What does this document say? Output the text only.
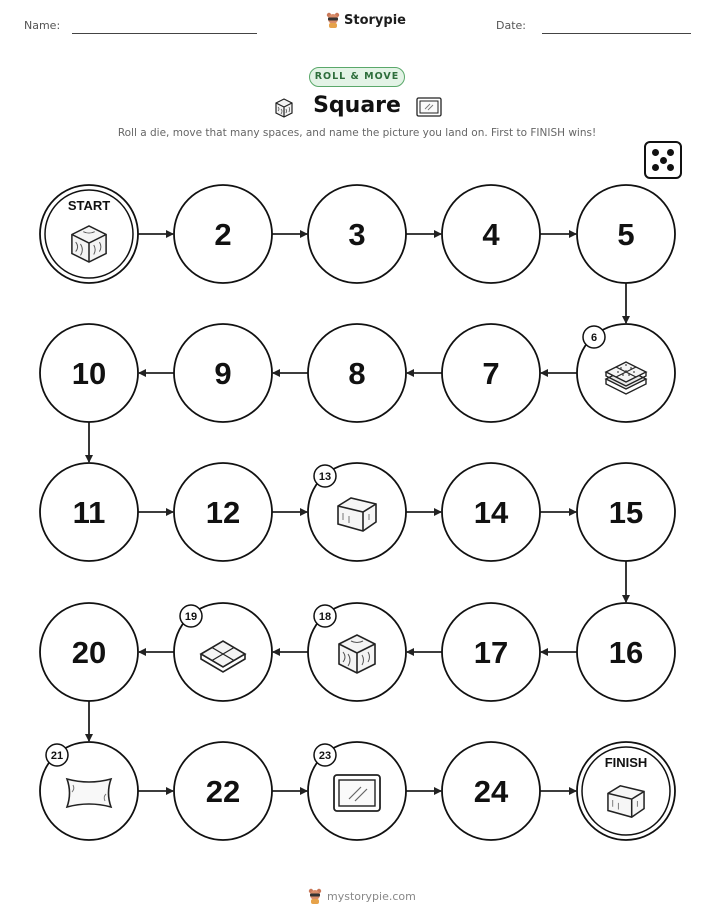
Name:	Date:
Storypie
ROLL & MOVE
Square
Roll a die, move that many spaces, and name the picture you land on. First to FINISH wins!
START
2	3	4	5
6
7
8
9
10
11	12
13
14	15
16
17
18
19
20
21
22
23
24
FINISH
mystorypie.com
